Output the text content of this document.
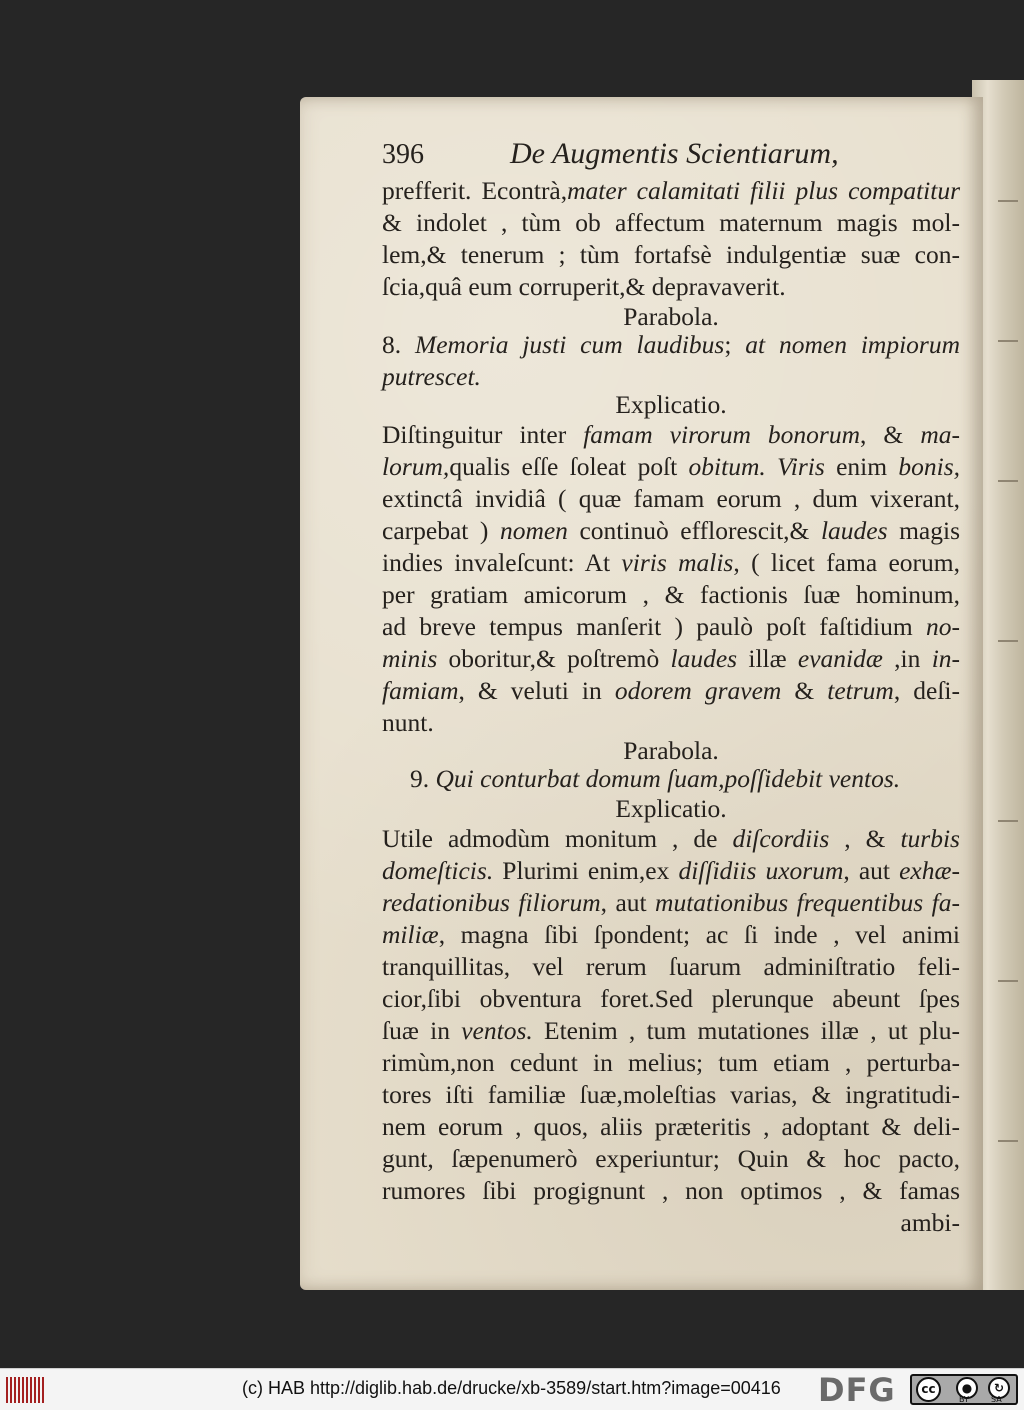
396	De Augmentis Scientiarum,
prefferit. Econtrà,mater calamitati filii plus compatitur
& indolet , tùm ob affectum maternum magis mol-
lem,& tenerum ; tùm fortafsè indulgentiæ suæ con-
ſcia,quâ eum corruperit,& depravaverit.
Parabola.
8. Memoria justi cum laudibus; at nomen impiorum
putrescet.
Explicatio.
Diſtinguitur inter famam virorum bonorum, & ma-
lorum,qualis eſſe ſoleat poſt obitum. Viris enim bonis,
extinctâ invidiâ ( quæ famam eorum , dum vixerant,
carpebat ) nomen continuò efflorescit,& laudes magis
indies invaleſcunt: At viris malis, ( licet fama eorum,
per gratiam amicorum , & factionis ſuæ hominum,
ad breve tempus manſerit ) paulò poſt faſtidium no-
minis oboritur,& poſtremò laudes illæ evanidæ ,in in-
famiam, & veluti in odorem gravem & tetrum, deſi-
nunt.
Parabola.
9. Qui conturbat domum ſuam,poſſidebit ventos.
Explicatio.
Utile admodùm monitum , de diſcordiis , & turbis
domeſticis. Plurimi enim,ex diſſidiis uxorum, aut exhæ-
redationibus filiorum, aut mutationibus frequentibus fa-
miliæ, magna ſibi ſpondent; ac ſi inde , vel animi
tranquillitas, vel rerum ſuarum adminiſtratio feli-
cior,ſibi obventura foret.Sed plerunque abeunt ſpes
ſuæ in ventos. Etenim , tum mutationes illæ , ut plu-
rimùm,non cedunt in melius; tum etiam , perturba-
tores iſti familiæ ſuæ,moleſtias varias, & ingratitudi-
nem eorum , quos, aliis præteritis , adoptant & deli-
gunt, ſæpenumerò experiuntur; Quin & hoc pacto,
rumores ſibi progignunt , non optimos , & famas
ambi-
(c) HAB http://diglib.hab.de/drucke/xb-3589/start.htm?image=00416 DFG	cc	●	↻
BY	SA
